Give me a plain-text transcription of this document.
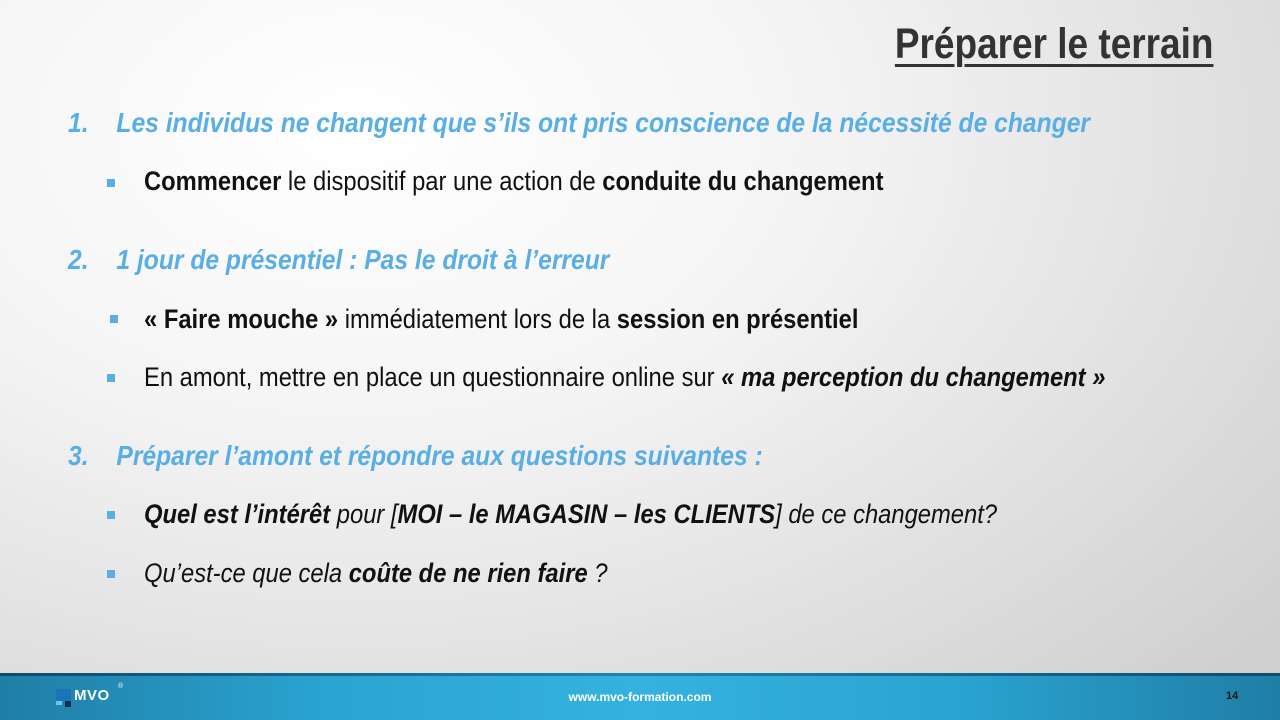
Préparer le terrain
1. Les individus ne changent que s’ils ont pris conscience de la nécessité de changer
Commencer le dispositif par une action de conduite du changement
2. 1 jour de présentiel : Pas le droit à l’erreur
« Faire mouche » immédiatement lors de la session en présentiel
En amont, mettre en place un questionnaire online sur « ma perception du changement »
3. Préparer l’amont et répondre aux questions suivantes :
Quel est l’intérêt pour [MOI – le MAGASIN – les CLIENTS] de ce changement?
Qu’est-ce que cela coûte de ne rien faire ?
MVO
®
www.mvo-formation.com	14
